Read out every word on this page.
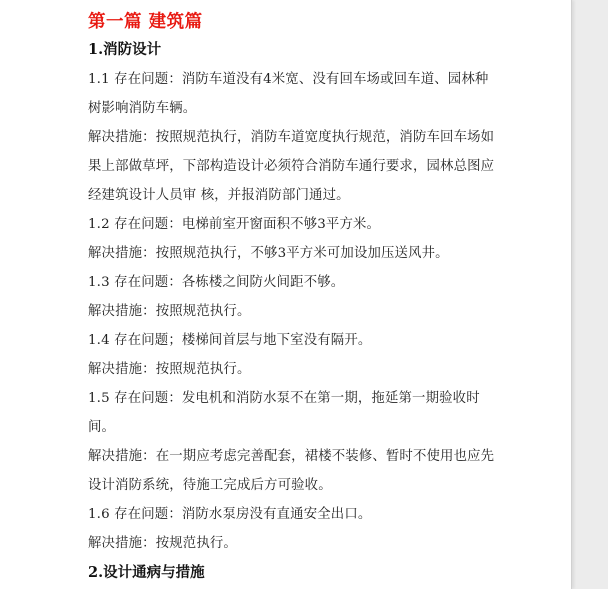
第一篇 建筑篇
1.消防设计

1.1 存在问题：消防车道没有4米宽、没有回车场或回车道、园林种树影响消防车辆。

解决措施：按照规范执行，消防车道宽度执行规范，消防车回车场如果上部做草坪，下部构造设计必须符合消防车通行要求，园林总图应经建筑设计人员审 核，并报消防部门通过。

1.2 存在问题：电梯前室开窗面积不够3平方米。

解决措施：按照规范执行，不够3平方米可加设加压送风井。

1.3 存在问题：各栋楼之间防火间距不够。

解决措施：按照规范执行。

1.4 存在问题；楼梯间首层与地下室没有隔开。

解决措施：按照规范执行。

1.5 存在问题：发电机和消防水泵不在第一期，拖延第一期验收时间。

解决措施：在一期应考虑完善配套，裙楼不装修、暂时不使用也应先设计消防系统，待施工完成后方可验收。

1.6 存在问题：消防水泵房没有直通安全出口。

解决措施：按规范执行。

2.设计通病与措施
